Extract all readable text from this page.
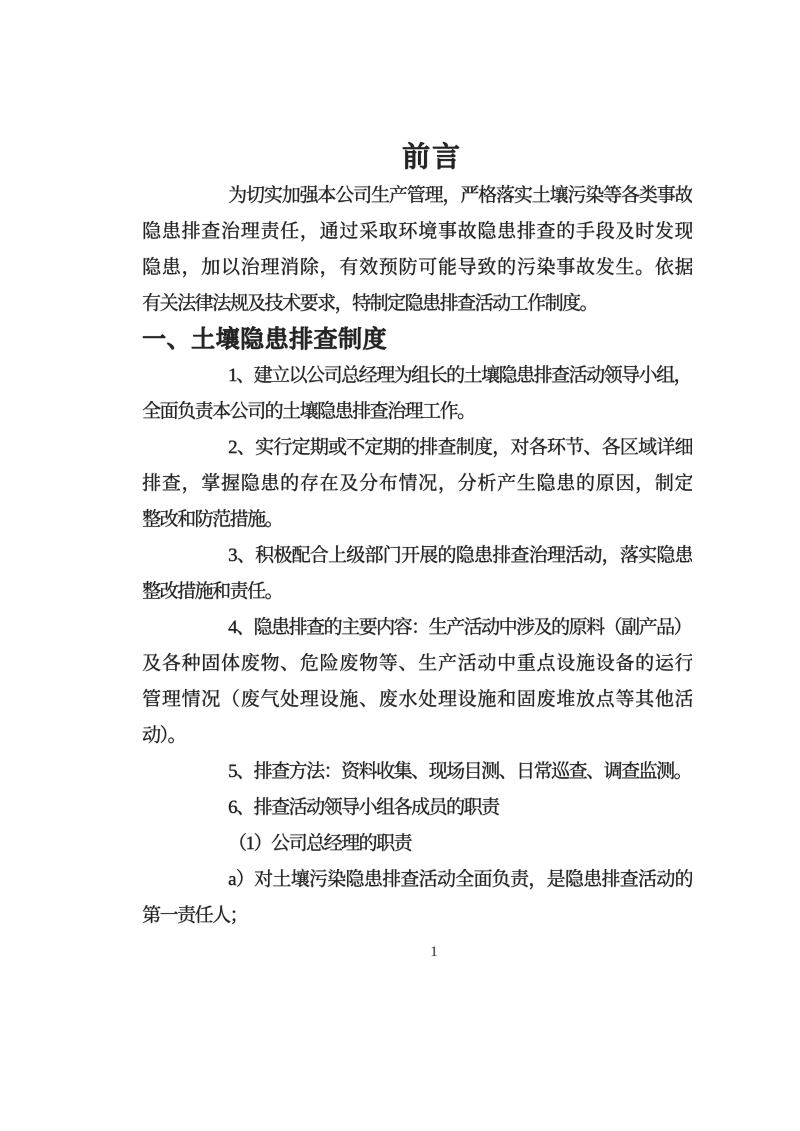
前言
为切实加强本公司生产管理，严格落实土壤污染等各类事故
隐患排查治理责任，通过采取环境事故隐患排查的手段及时发现
隐患，加以治理消除，有效预防可能导致的污染事故发生。依据
有关法律法规及技术要求，特制定隐患排查活动工作制度。
一、土壤隐患排查制度
1、建立以公司总经理为组长的土壤隐患排查活动领导小组，
全面负责本公司的土壤隐患排查治理工作。
2、实行定期或不定期的排查制度，对各环节、各区域详细
排查，掌握隐患的存在及分布情况，分析产生隐患的原因，制定
整改和防范措施。
3、积极配合上级部门开展的隐患排查治理活动，落实隐患
整改措施和责任。
4、隐患排查的主要内容：生产活动中涉及的原料（副产品）
及各种固体废物、危险废物等、生产活动中重点设施设备的运行
管理情况（废气处理设施、废水处理设施和固废堆放点等其他活
动）。
5、排查方法：资料收集、现场目测、日常巡查、调查监测。
6、排查活动领导小组各成员的职责
（1）公司总经理的职责
a）对土壤污染隐患排查活动全面负责，是隐患排查活动的
第一责任人；
1
